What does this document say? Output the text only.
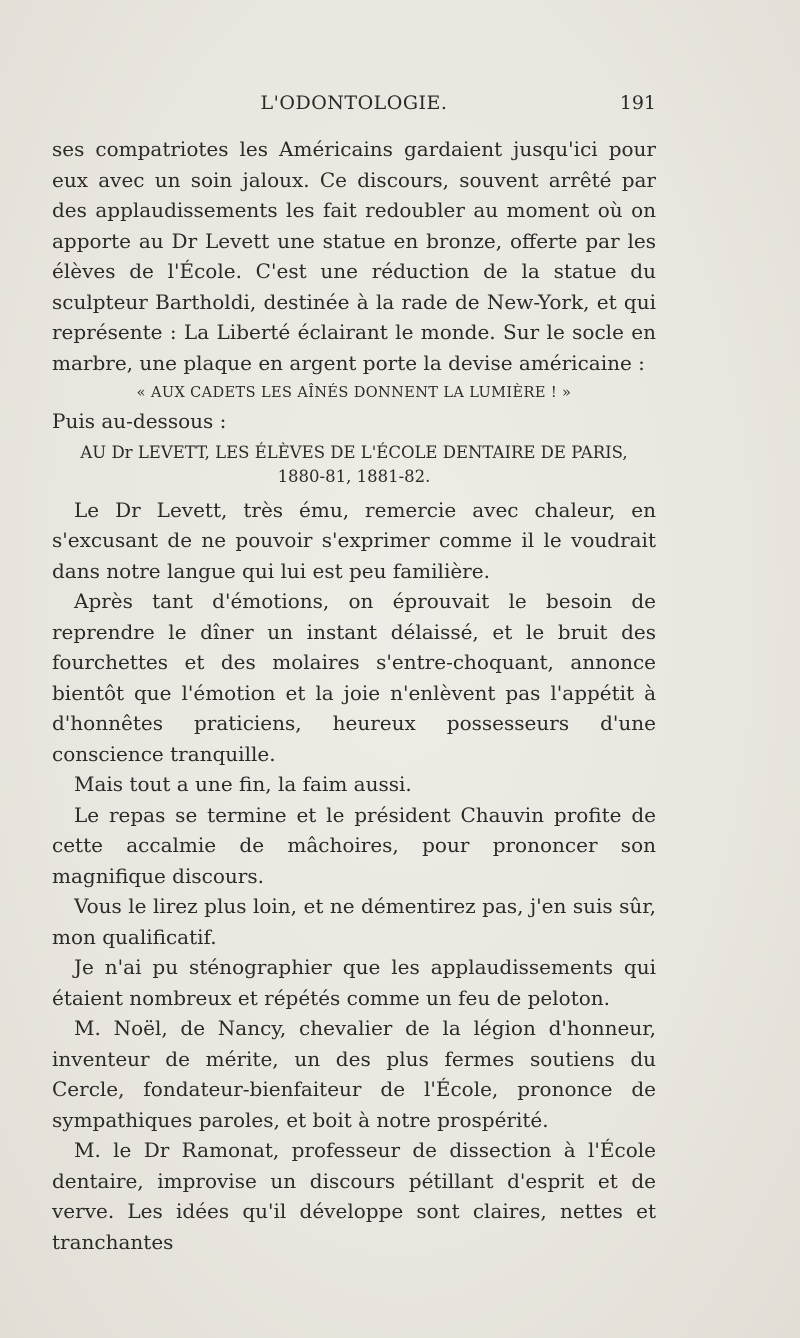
L'ODONTOLOGIE.	191

ses compatriotes les Américains gardaient jusqu'ici pour eux avec un soin jaloux. Ce discours, souvent arrêté par des applaudissements les fait redoubler au moment où on apporte au Dr Levett une statue en bronze, offerte par les élèves de l'École. C'est une réduction de la statue du sculpteur Bartholdi, destinée à la rade de New-York, et qui représente : La Liberté éclairant le monde. Sur le socle en marbre, une plaque en argent porte la devise américaine :

« AUX CADETS LES AÎNÉS DONNENT LA LUMIÈRE ! »

Puis au-dessous :

AU Dr LEVETT, LES ÉLÈVES DE L'ÉCOLE DENTAIRE DE PARIS,
1880-81, 1881-82.

Le Dr Levett, très ému, remercie avec chaleur, en s'excusant de ne pouvoir s'exprimer comme il le voudrait dans notre langue qui lui est peu familière.

Après tant d'émotions, on éprouvait le besoin de reprendre le dîner un instant délaissé, et le bruit des fourchettes et des molaires s'entre-choquant, annonce bientôt que l'émotion et la joie n'enlèvent pas l'appétit à d'honnêtes praticiens, heureux possesseurs d'une conscience tranquille.

Mais tout a une fin, la faim aussi.

Le repas se termine et le président Chauvin profite de cette accalmie de mâchoires, pour prononcer son magnifique discours.

Vous le lirez plus loin, et ne démentirez pas, j'en suis sûr, mon qualificatif.

Je n'ai pu sténographier que les applaudissements qui étaient nombreux et répétés comme un feu de peloton.

M. Noël, de Nancy, chevalier de la légion d'honneur, inventeur de mérite, un des plus fermes soutiens du Cercle, fondateur-bienfaiteur de l'École, prononce de sympathiques paroles, et boit à notre prospérité.

M. le Dr Ramonat, professeur de dissection à l'École dentaire, improvise un discours pétillant d'esprit et de verve. Les idées qu'il développe sont claires, nettes et tranchantes
